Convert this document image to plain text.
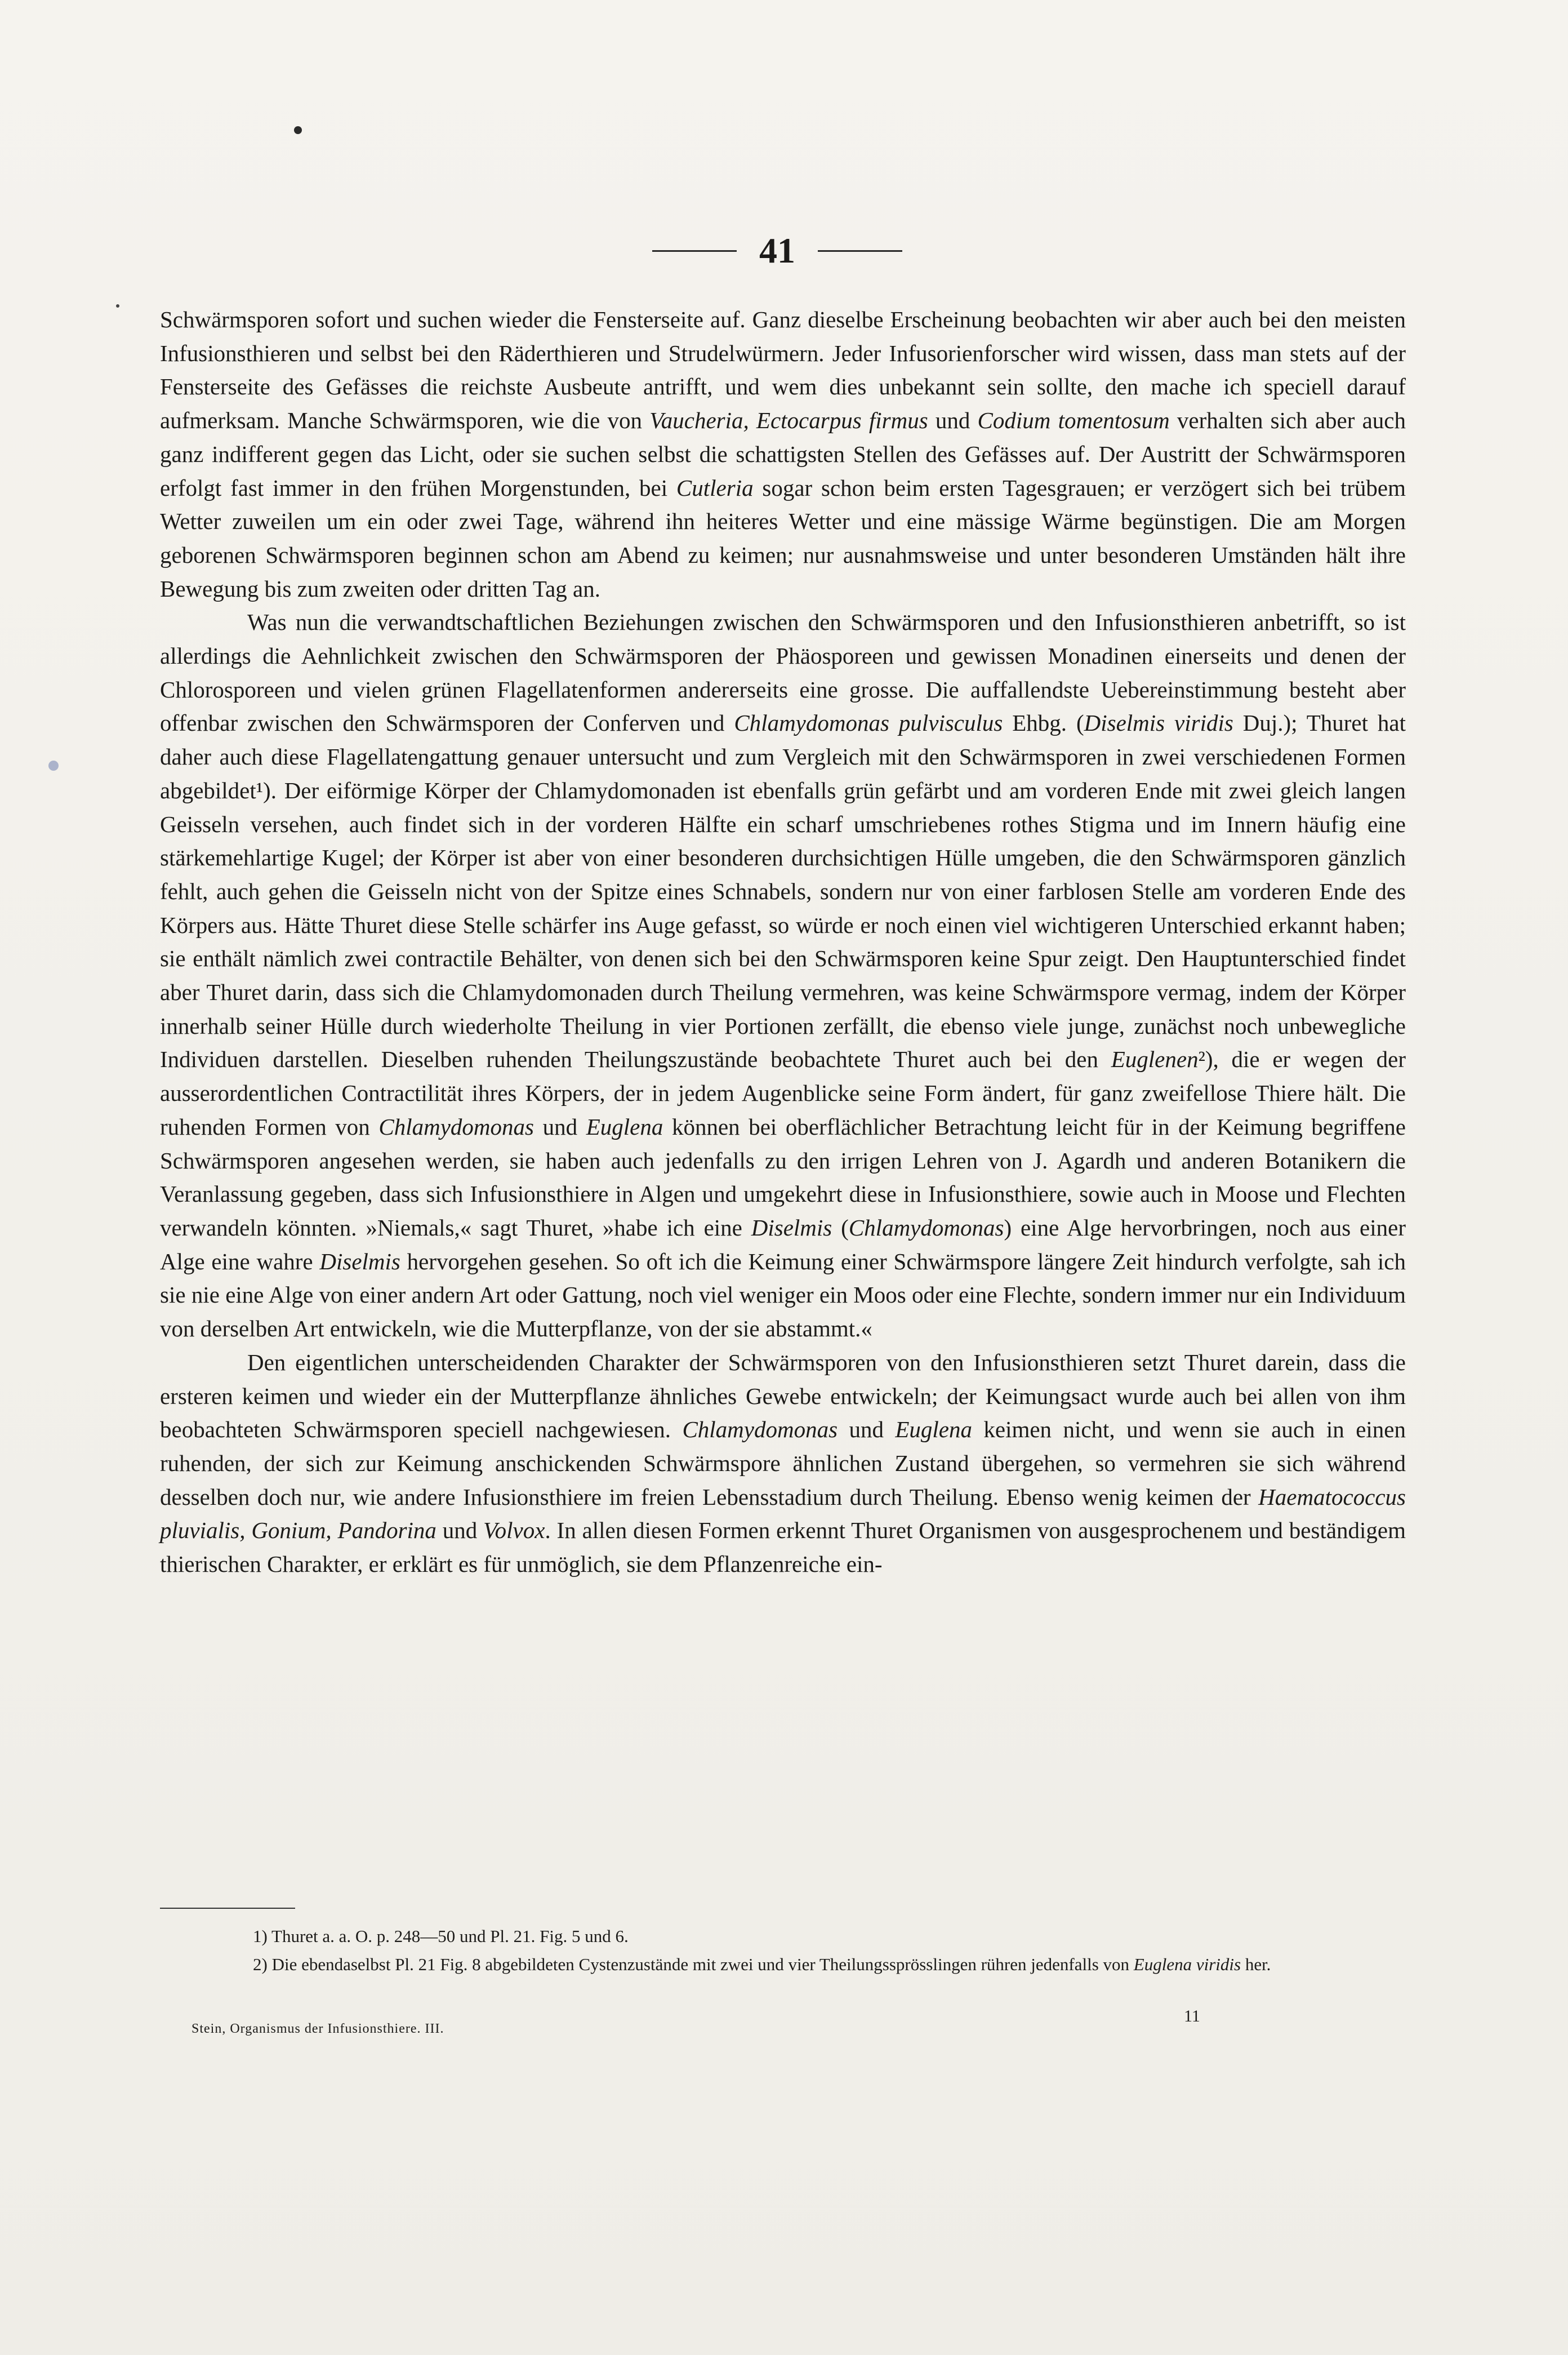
41

Schwärmsporen sofort und suchen wieder die Fensterseite auf. Ganz dieselbe Erscheinung beobachten wir aber auch bei den meisten Infusionsthieren und selbst bei den Räderthieren und Strudelwürmern. Jeder Infusorienforscher wird wissen, dass man stets auf der Fensterseite des Gefässes die reichste Ausbeute antrifft, und wem dies unbekannt sein sollte, den mache ich speciell darauf aufmerksam. Manche Schwärmsporen, wie die von Vaucheria, Ectocarpus firmus und Codium tomentosum verhalten sich aber auch ganz indifferent gegen das Licht, oder sie suchen selbst die schattigsten Stellen des Gefässes auf. Der Austritt der Schwärmsporen erfolgt fast immer in den frühen Morgenstunden, bei Cutleria sogar schon beim ersten Tagesgrauen; er verzögert sich bei trübem Wetter zuweilen um ein oder zwei Tage, während ihn heiteres Wetter und eine mässige Wärme begünstigen. Die am Morgen geborenen Schwärmsporen beginnen schon am Abend zu keimen; nur ausnahmsweise und unter besonderen Umständen hält ihre Bewegung bis zum zweiten oder dritten Tag an.

Was nun die verwandtschaftlichen Beziehungen zwischen den Schwärmsporen und den Infusionsthieren anbetrifft, so ist allerdings die Aehnlichkeit zwischen den Schwärmsporen der Phäosporeen und gewissen Monadinen einerseits und denen der Chlorosporeen und vielen grünen Flagellatenformen andererseits eine grosse. Die auffallendste Uebereinstimmung besteht aber offenbar zwischen den Schwärmsporen der Conferven und Chlamydomonas pulvisculus Ehbg. (Diselmis viridis Duj.); Thuret hat daher auch diese Flagellatengattung genauer untersucht und zum Vergleich mit den Schwärmsporen in zwei verschiedenen Formen abgebildet¹). Der eiförmige Körper der Chlamydomonaden ist ebenfalls grün gefärbt und am vorderen Ende mit zwei gleich langen Geisseln versehen, auch findet sich in der vorderen Hälfte ein scharf umschriebenes rothes Stigma und im Innern häufig eine stärkemehlartige Kugel; der Körper ist aber von einer besonderen durchsichtigen Hülle umgeben, die den Schwärmsporen gänzlich fehlt, auch gehen die Geisseln nicht von der Spitze eines Schnabels, sondern nur von einer farblosen Stelle am vorderen Ende des Körpers aus. Hätte Thuret diese Stelle schärfer ins Auge gefasst, so würde er noch einen viel wichtigeren Unterschied erkannt haben; sie enthält nämlich zwei contractile Behälter, von denen sich bei den Schwärmsporen keine Spur zeigt. Den Hauptunterschied findet aber Thuret darin, dass sich die Chlamydomonaden durch Theilung vermehren, was keine Schwärmspore vermag, indem der Körper innerhalb seiner Hülle durch wiederholte Theilung in vier Portionen zerfällt, die ebenso viele junge, zunächst noch unbewegliche Individuen darstellen. Dieselben ruhenden Theilungszustände beobachtete Thuret auch bei den Euglenen²), die er wegen der ausserordentlichen Contractilität ihres Körpers, der in jedem Augenblicke seine Form ändert, für ganz zweifellose Thiere hält. Die ruhenden Formen von Chlamydomonas und Euglena können bei oberflächlicher Betrachtung leicht für in der Keimung begriffene Schwärmsporen angesehen werden, sie haben auch jedenfalls zu den irrigen Lehren von J. Agardh und anderen Botanikern die Veranlassung gegeben, dass sich Infusionsthiere in Algen und umgekehrt diese in Infusionsthiere, sowie auch in Moose und Flechten verwandeln könnten. »Niemals,« sagt Thuret, »habe ich eine Diselmis (Chlamydomonas) eine Alge hervorbringen, noch aus einer Alge eine wahre Diselmis hervorgehen gesehen. So oft ich die Keimung einer Schwärmspore längere Zeit hindurch verfolgte, sah ich sie nie eine Alge von einer andern Art oder Gattung, noch viel weniger ein Moos oder eine Flechte, sondern immer nur ein Individuum von derselben Art entwickeln, wie die Mutterpflanze, von der sie abstammt.«

Den eigentlichen unterscheidenden Charakter der Schwärmsporen von den Infusionsthieren setzt Thuret darein, dass die ersteren keimen und wieder ein der Mutterpflanze ähnliches Gewebe entwickeln; der Keimungsact wurde auch bei allen von ihm beobachteten Schwärmsporen speciell nachgewiesen. Chlamydomonas und Euglena keimen nicht, und wenn sie auch in einen ruhenden, der sich zur Keimung anschickenden Schwärmspore ähnlichen Zustand übergehen, so vermehren sie sich während desselben doch nur, wie andere Infusionsthiere im freien Lebensstadium durch Theilung. Ebenso wenig keimen der Haematococcus pluvialis, Gonium, Pandorina und Volvox. In allen diesen Formen erkennt Thuret Organismen von ausgesprochenem und beständigem thierischen Charakter, er erklärt es für unmöglich, sie dem Pflanzenreiche ein-

1) Thuret a. a. O. p. 248—50 und Pl. 21. Fig. 5 und 6.

2) Die ebendaselbst Pl. 21 Fig. 8 abgebildeten Cystenzustände mit zwei und vier Theilungssprösslingen rühren jedenfalls von Euglena viridis her.

Stein, Organismus der Infusionsthiere. III.
11
